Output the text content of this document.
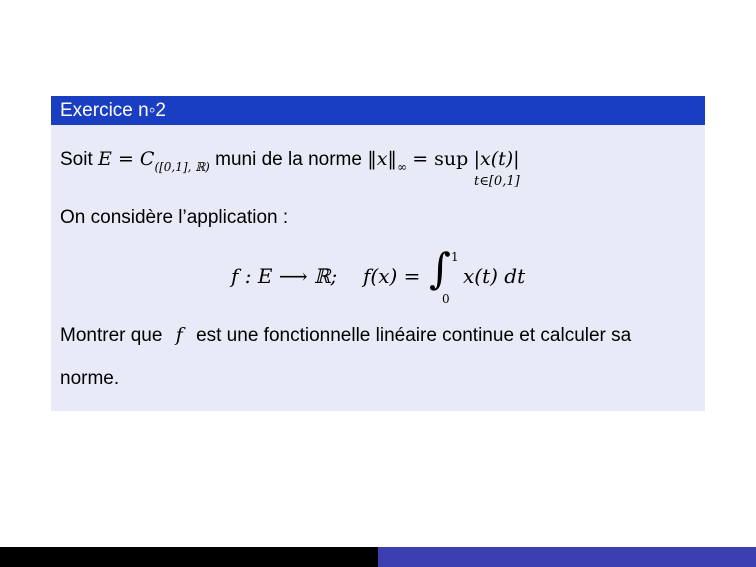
Exercice n◦2
Soit $E = C_{([0,1], ℝ)}$ muni de la norme $‖x‖_\infty$ = sup |x(t)|
t∈[0,1]
On considère l’application :
f : E ⟶ ℝ; f(x) = ∫ 1
0
x(t) dt
Montrer que f est une fonctionnelle linéaire continue et calculer sa
norme.
